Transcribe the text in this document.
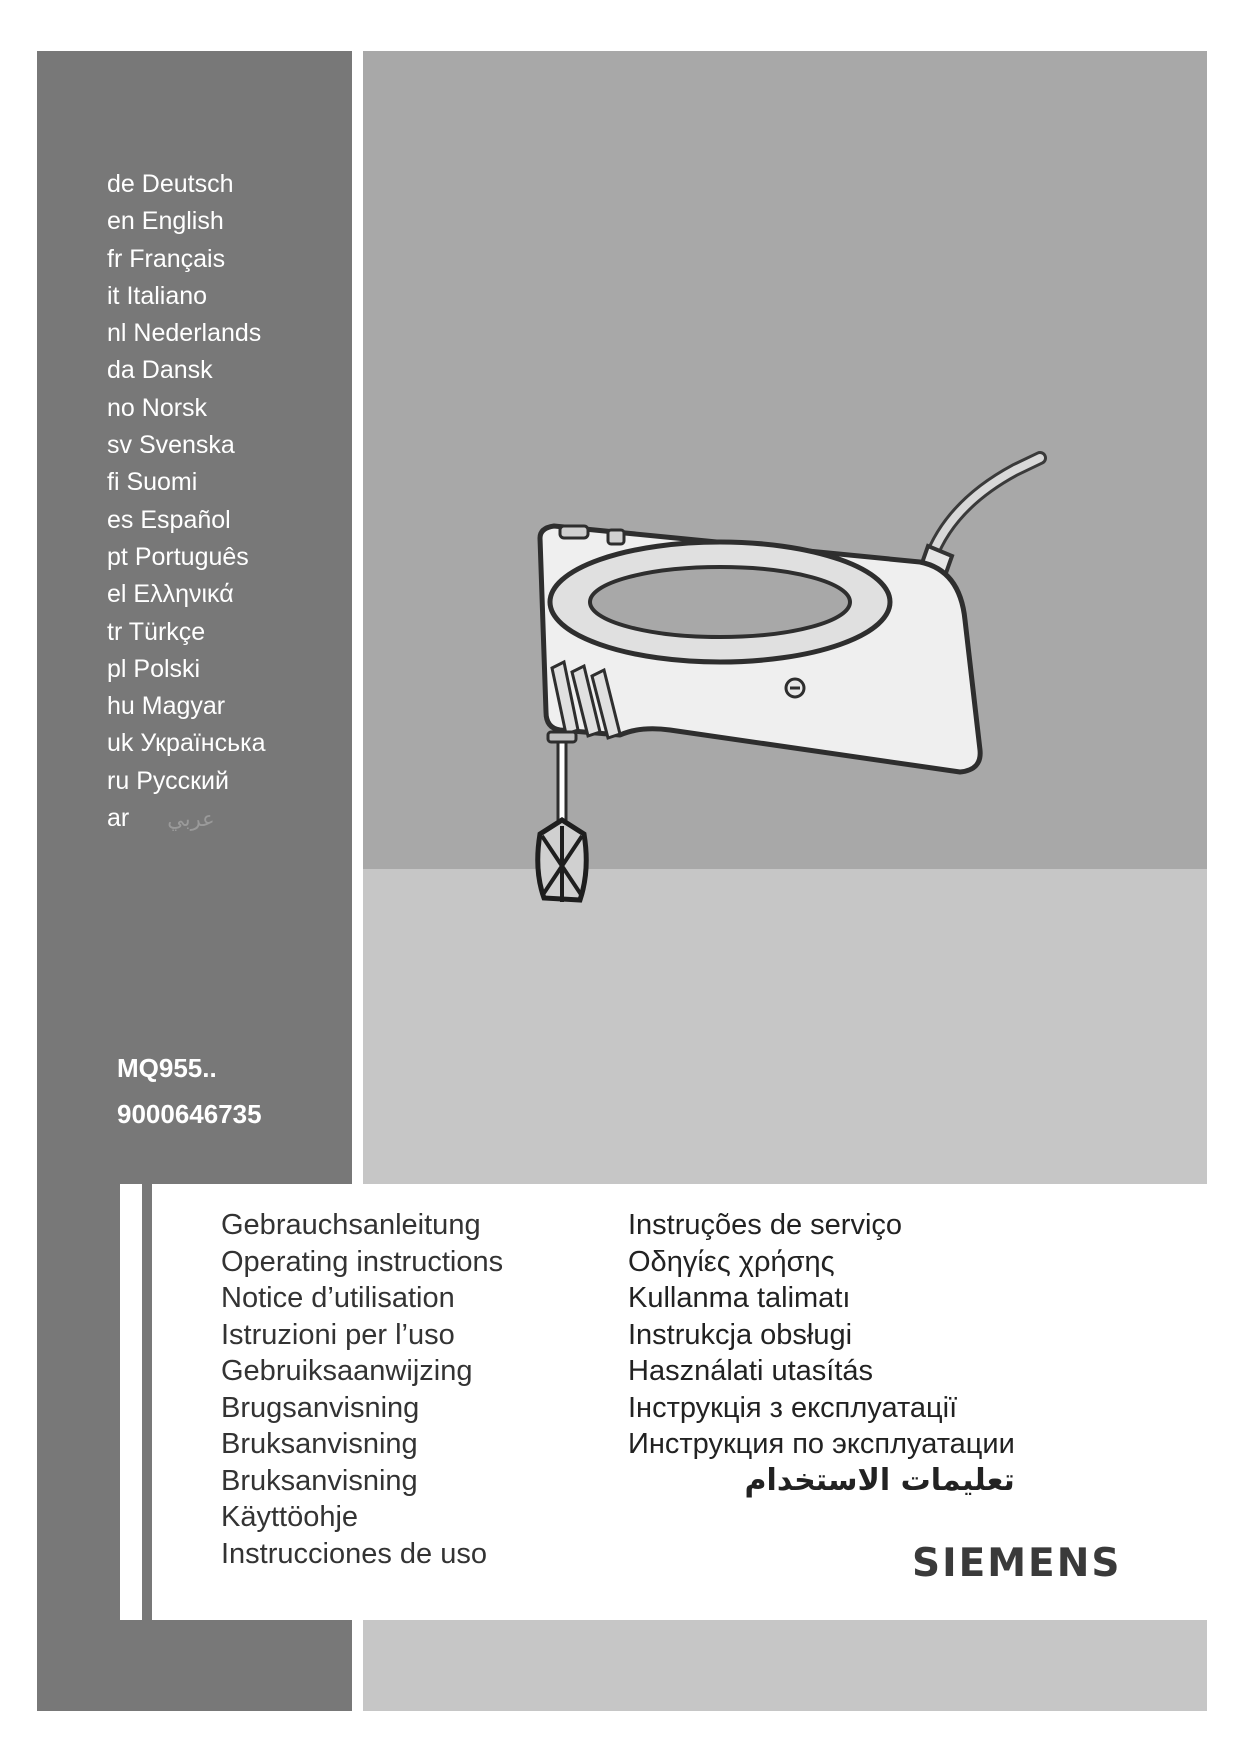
de Deutsch
en English
fr Français
it Italiano
nl Nederlands
da Dansk
no Norsk
sv Svenska
fi Suomi
es Español
pt Português
el Ελληνικά
tr Türkçe
pl Polski
hu Magyar
uk Українська
ru Русский
ar عربي
MQ955..
9000646735
Gebrauchsanleitung
Operating instructions
Notice d’utilisation
Istruzioni per l’uso
Gebruiksaanwijzing
Brugsanvisning
Bruksanvisning
Bruksanvisning
Käyttöohje
Instrucciones de uso
Instruções de serviço
Οδηγίες χρήσης
Kullanma talimatı
Instrukcja obsługi
Használati utasítás
Інструкція з експлуатації
Инструкция по эксплуатации
تعليمات الاستخدام
SIEMENS
